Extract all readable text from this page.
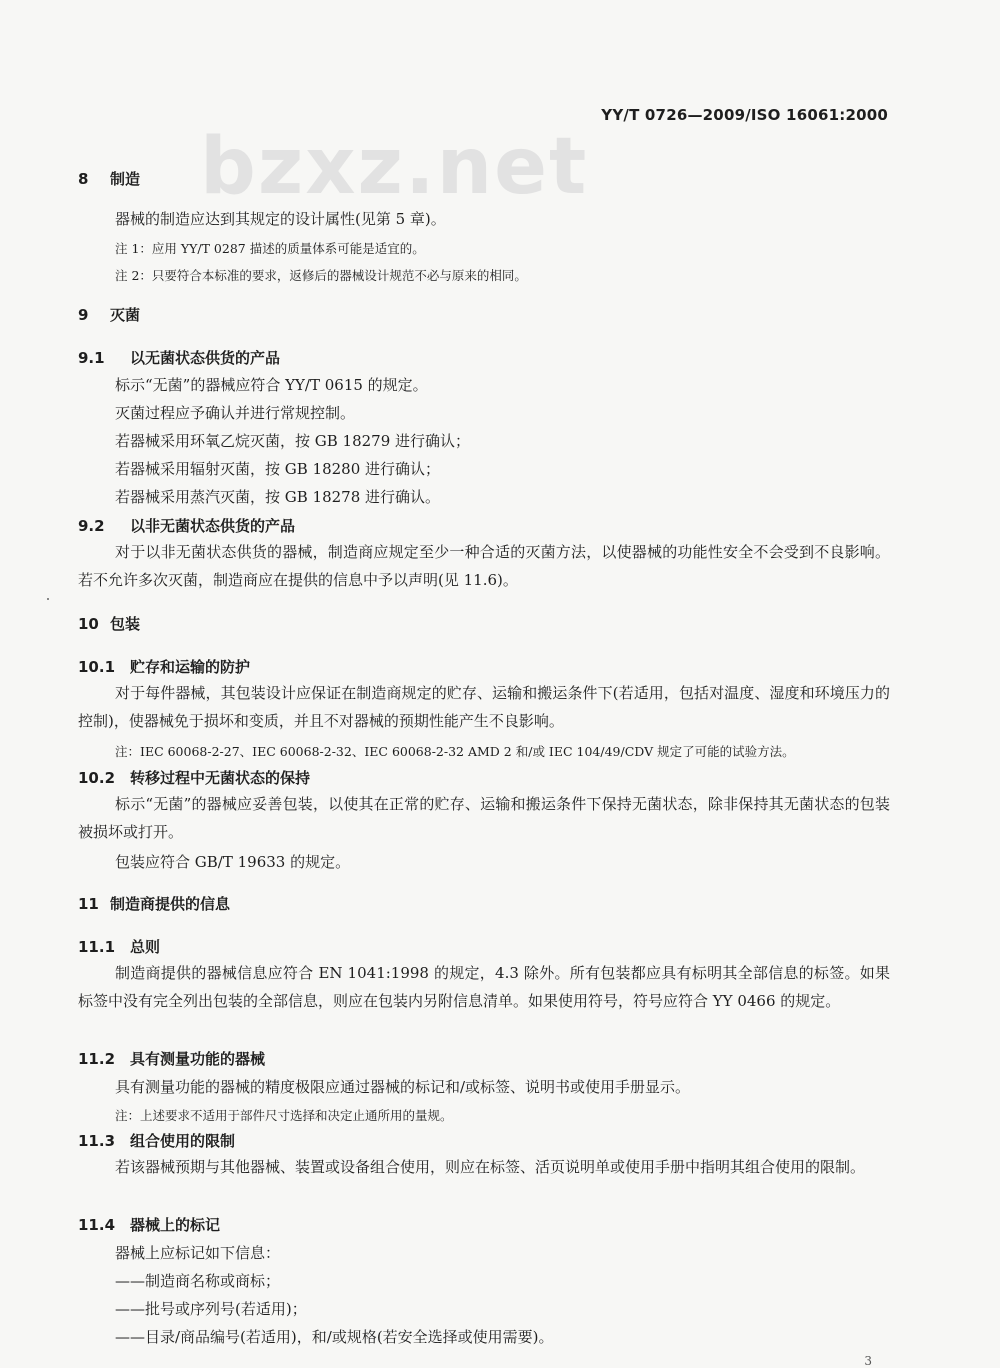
YY/T 0726—2009/ISO 16061:2000
bzxz.net
8 制造
器械的制造应达到其规定的设计属性(见第 5 章)。
注 1：应用 YY/T 0287 描述的质量体系可能是适宜的。
注 2：只要符合本标准的要求，返修后的器械设计规范不必与原来的相同。
9 灭菌
9.1 以无菌状态供货的产品
标示“无菌”的器械应符合 YY/T 0615 的规定。
灭菌过程应予确认并进行常规控制。
若器械采用环氧乙烷灭菌，按 GB 18279 进行确认；
若器械采用辐射灭菌，按 GB 18280 进行确认；
若器械采用蒸汽灭菌，按 GB 18278 进行确认。
9.2 以非无菌状态供货的产品
对于以非无菌状态供货的器械，制造商应规定至少一种合适的灭菌方法，以使器械的功能性安全不会受到不良影响。若不允许多次灭菌，制造商应在提供的信息中予以声明(见 11.6)。
10 包装
10.1 贮存和运输的防护
对于每件器械，其包装设计应保证在制造商规定的贮存、运输和搬运条件下(若适用，包括对温度、湿度和环境压力的控制)，使器械免于损坏和变质，并且不对器械的预期性能产生不良影响。
注：IEC 60068-2-27、IEC 60068-2-32、IEC 60068-2-32 AMD 2 和/或 IEC 104/49/CDV 规定了可能的试验方法。
10.2 转移过程中无菌状态的保持
标示“无菌”的器械应妥善包装，以使其在正常的贮存、运输和搬运条件下保持无菌状态，除非保持其无菌状态的包装被损坏或打开。
包装应符合 GB/T 19633 的规定。
11 制造商提供的信息
11.1 总则
制造商提供的器械信息应符合 EN 1041:1998 的规定，4.3 除外。所有包装都应具有标明其全部信息的标签。如果标签中没有完全列出包装的全部信息，则应在包装内另附信息清单。如果使用符号，符号应符合 YY 0466 的规定。
11.2 具有测量功能的器械
具有测量功能的器械的精度极限应通过器械的标记和/或标签、说明书或使用手册显示。
注：上述要求不适用于部件尺寸选择和决定止通所用的量规。
11.3 组合使用的限制
若该器械预期与其他器械、装置或设备组合使用，则应在标签、活页说明单或使用手册中指明其组合使用的限制。
11.4 器械上的标记
器械上应标记如下信息：
——制造商名称或商标；
——批号或序列号(若适用)；
——目录/商品编号(若适用)，和/或规格(若安全选择或使用需要)。
3
